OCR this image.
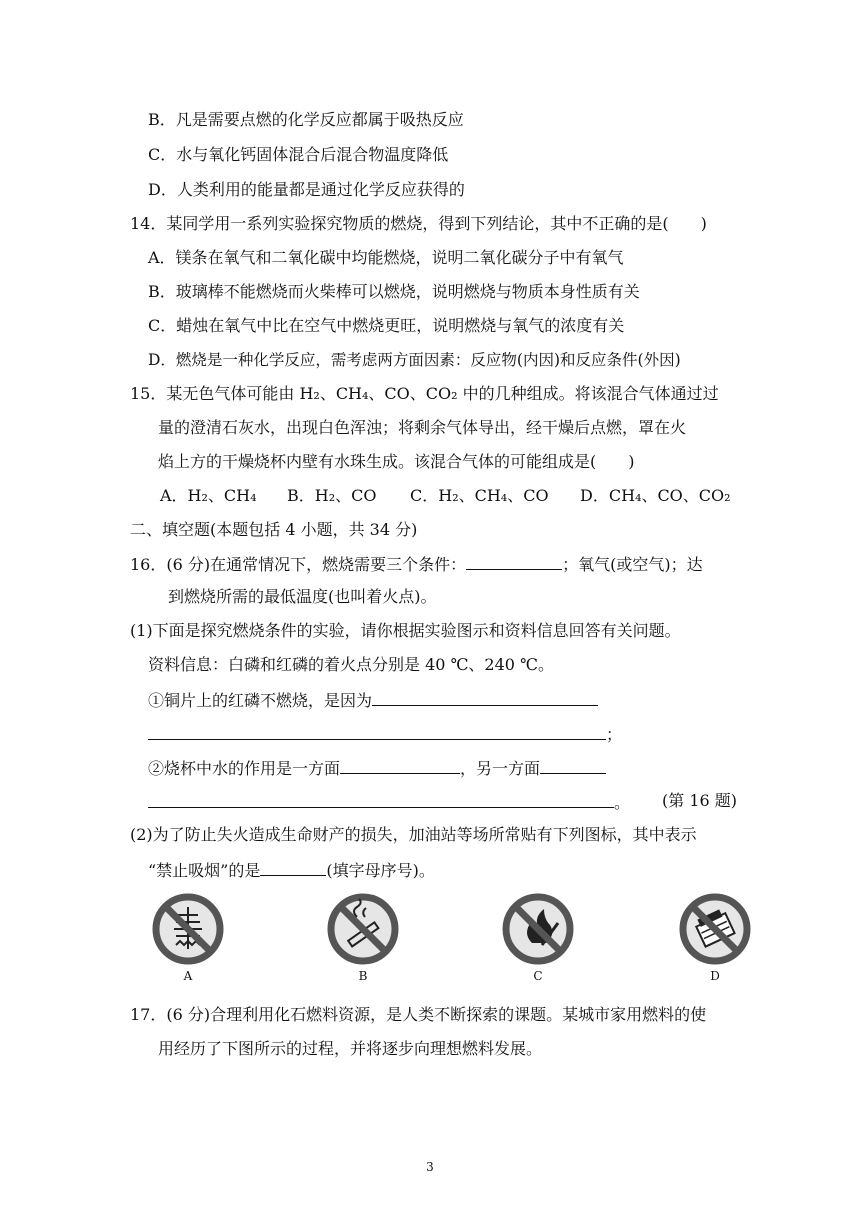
B．凡是需要点燃的化学反应都属于吸热反应
C．水与氧化钙固体混合后混合物温度降低
D．人类利用的能量都是通过化学反应获得的
14．某同学用一系列实验探究物质的燃烧，得到下列结论，其中不正确的是(　　)
A．镁条在氧气和二氧化碳中均能燃烧，说明二氧化碳分子中有氧气
B．玻璃棒不能燃烧而火柴棒可以燃烧，说明燃烧与物质本身性质有关
C．蜡烛在氧气中比在空气中燃烧更旺，说明燃烧与氧气的浓度有关
D．燃烧是一种化学反应，需考虑两方面因素：反应物(内因)和反应条件(外因)
15．某无色气体可能由 H₂、CH₄、CO、CO₂ 中的几种组成。将该混合气体通过过
量的澄清石灰水，出现白色浑浊；将剩余气体导出，经干燥后点燃，罩在火
焰上方的干燥烧杯内壁有水珠生成。该混合气体的可能组成是(　　)
A．H₂、CH₄ B．H₂、CO C．H₂、CH₄、CO D．CH₄、CO、CO₂
二、填空题(本题包括 4 小题，共 34 分)
16．(6 分)在通常情况下，燃烧需要三个条件：	；氧气(或空气)；达
到燃烧所需的最低温度(也叫着火点)。
(1)下面是探究燃烧条件的实验，请你根据实验图示和资料信息回答有关问题。
资料信息：白磷和红磷的着火点分别是 40 ℃、240 ℃。
①铜片上的红磷不燃烧，是因为
；
②烧杯中水的作用是一方面	，另一方面
。 (第 16 题)
(2)为了防止失火造成生命财产的损失，加油站等场所常贴有下列图标，其中表示
“禁止吸烟”的是	(填字母序号)。
A	B	C	D
17．(6 分)合理利用化石燃料资源，是人类不断探索的课题。某城市家用燃料的使
用经历了下图所示的过程，并将逐步向理想燃料发展。
3
